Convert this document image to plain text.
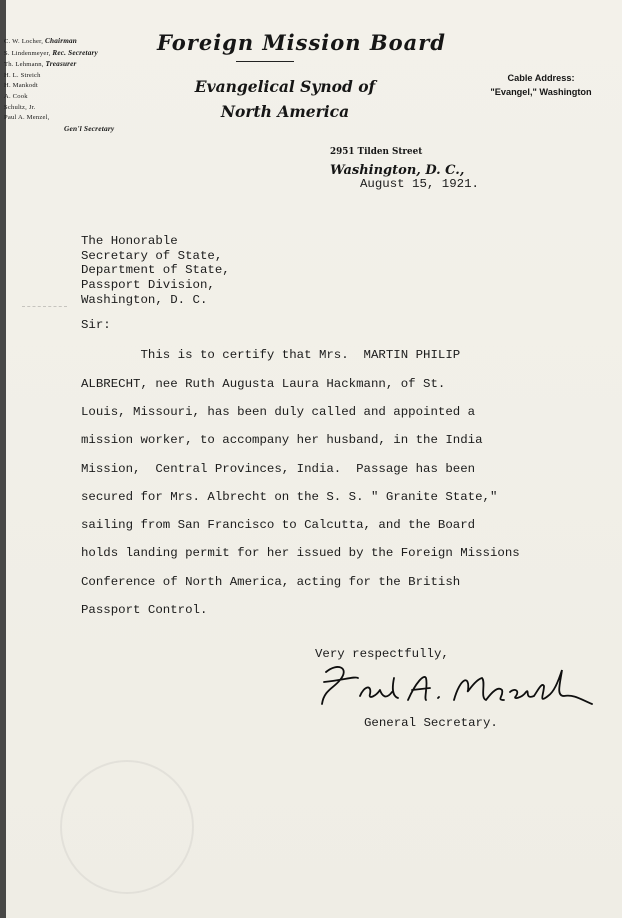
C. W. Locher, Chairman
S. Lindenmeyer, Rec. Secretary
Th. Lehmann, Treasurer
H. L. Streich
H. Mankodt
A. Cook
Schultz, Jr.
Paul A. Menzel,
Gen'l Secretary
Foreign Mission Board
Evangelical Synod of
North America
Cable Address:
"Evangel," Washington
2951 Tilden Street
Washington, D. C.,
August 15, 1921.
The Honorable
Secretary of State,
Department of State,
Passport Division,
Washington, D. C.
Sir:
This is to certify that Mrs.  MARTIN PHILIP
ALBRECHT, nee Ruth Augusta Laura Hackmann, of St.
Louis, Missouri, has been duly called and appointed a
mission worker, to accompany her husband, in the India
Mission,  Central Provinces, India.  Passage has been
secured for Mrs. Albrecht on the S. S. " Granite State,"
sailing from San Francisco to Calcutta, and the Board
holds landing permit for her issued by the Foreign Missions
Conference of North America, acting for the British
Passport Control.
Very respectfully,
General Secretary.
